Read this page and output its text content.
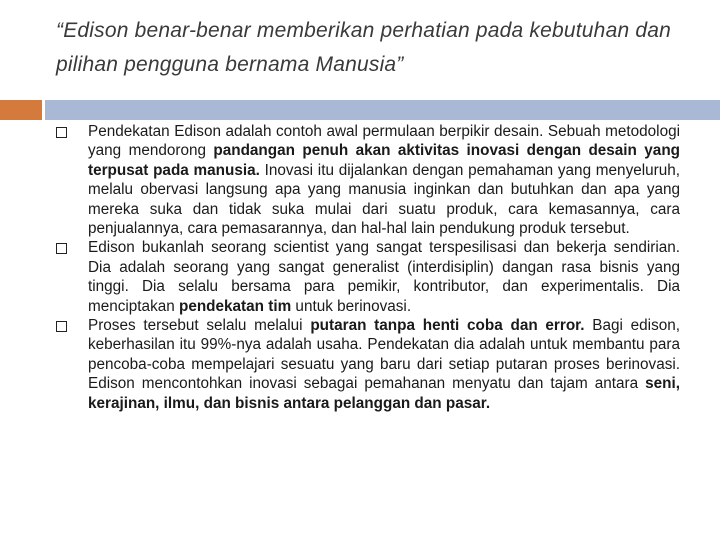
“Edison benar-benar memberikan perhatian pada kebutuhan dan pilihan pengguna bernama Manusia”
Pendekatan Edison adalah contoh awal permulaan berpikir desain. Sebuah metodologi yang mendorong pandangan penuh akan aktivitas inovasi dengan desain yang terpusat pada manusia. Inovasi itu dijalankan dengan pemahaman yang menyeluruh, melalu obervasi langsung apa yang manusia inginkan dan butuhkan dan apa yang mereka suka dan tidak suka mulai dari suatu produk, cara kemasannya, cara penjualannya, cara pemasarannya, dan hal-hal lain pendukung produk tersebut.
Edison bukanlah seorang scientist yang sangat terspesilisasi dan bekerja sendirian. Dia adalah seorang yang sangat generalist (interdisiplin) dangan rasa bisnis yang tinggi. Dia selalu bersama para pemikir, kontributor, dan experimentalis. Dia menciptakan pendekatan tim untuk berinovasi.
Proses tersebut selalu melalui putaran tanpa henti coba dan error. Bagi edison, keberhasilan itu 99%-nya adalah usaha. Pendekatan dia adalah untuk membantu para pencoba-coba mempelajari sesuatu yang baru dari setiap putaran proses berinovasi. Edison mencontohkan inovasi sebagai pemahanan menyatu dan tajam antara seni, kerajinan, ilmu, dan bisnis antara pelanggan dan pasar.
